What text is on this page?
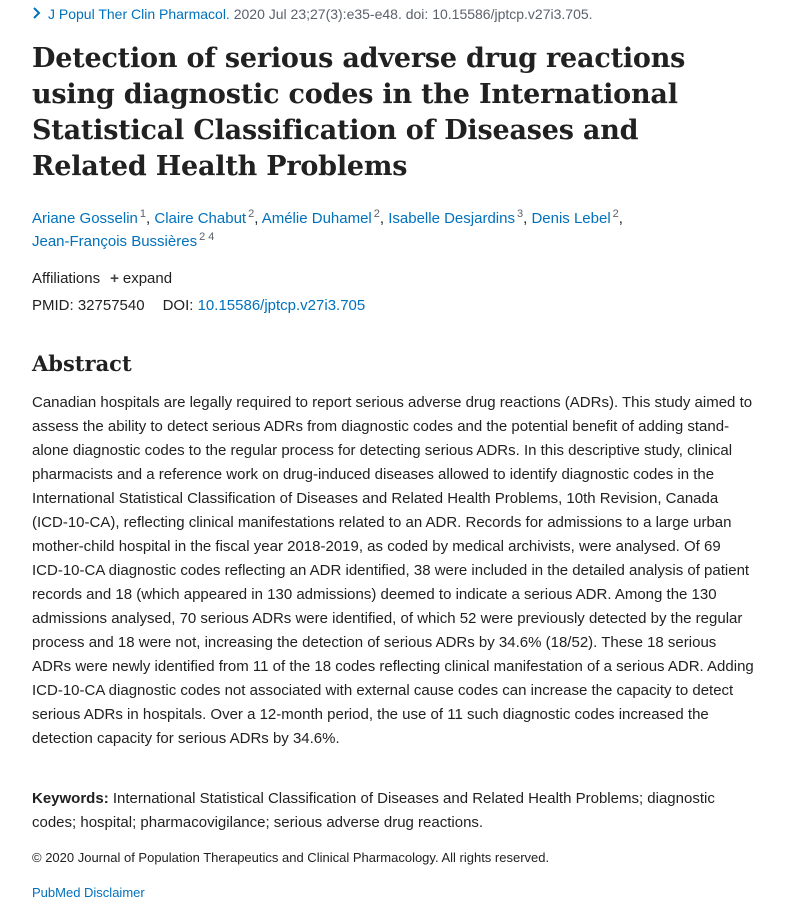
J Popul Ther Clin Pharmacol. 2020 Jul 23;27(3):e35-e48. doi: 10.15586/jptcp.v27i3.705.
Detection of serious adverse drug reactions using diagnostic codes in the International Statistical Classification of Diseases and Related Health Problems
Ariane Gosselin $^1$, Claire Chabut $^2$, Amélie Duhamel $^2$, Isabelle Desjardins $^3$, Denis Lebel $^2$,
Jean-François Bussières $^{2 4}$
Affiliations + expand
PMID: 32757540 DOI: 10.15586/jptcp.v27i3.705
Abstract

Canadian hospitals are legally required to report serious adverse drug reactions (ADRs). This study aimed to assess the ability to detect serious ADRs from diagnostic codes and the potential benefit of adding stand-alone diagnostic codes to the regular process for detecting serious ADRs. In this descriptive study, clinical pharmacists and a reference work on drug-induced diseases allowed to identify diagnostic codes in the International Statistical Classification of Diseases and Related Health Problems, 10th Revision, Canada (ICD-10-CA), reflecting clinical manifestations related to an ADR. Records for admissions to a large urban mother-child hospital in the fiscal year 2018-2019, as coded by medical archivists, were analysed. Of 69 ICD-10-CA diagnostic codes reflecting an ADR identified, 38 were included in the detailed analysis of patient records and 18 (which appeared in 130 admissions) deemed to indicate a serious ADR. Among the 130 admissions analysed, 70 serious ADRs were identified, of which 52 were previously detected by the regular process and 18 were not, increasing the detection of serious ADRs by 34.6% (18/52). These 18 serious ADRs were newly identified from 11 of the 18 codes reflecting clinical manifestation of a serious ADR. Adding ICD-10-CA diagnostic codes not associated with external cause codes can increase the capacity to detect serious ADRs in hospitals. Over a 12-month period, the use of 11 such diagnostic codes increased the detection capacity for serious ADRs by 34.6%.

Keywords: International Statistical Classification of Diseases and Related Health Problems; diagnostic codes; hospital; pharmacovigilance; serious adverse drug reactions.

© 2020 Journal of Population Therapeutics and Clinical Pharmacology. All rights reserved.

PubMed Disclaimer
